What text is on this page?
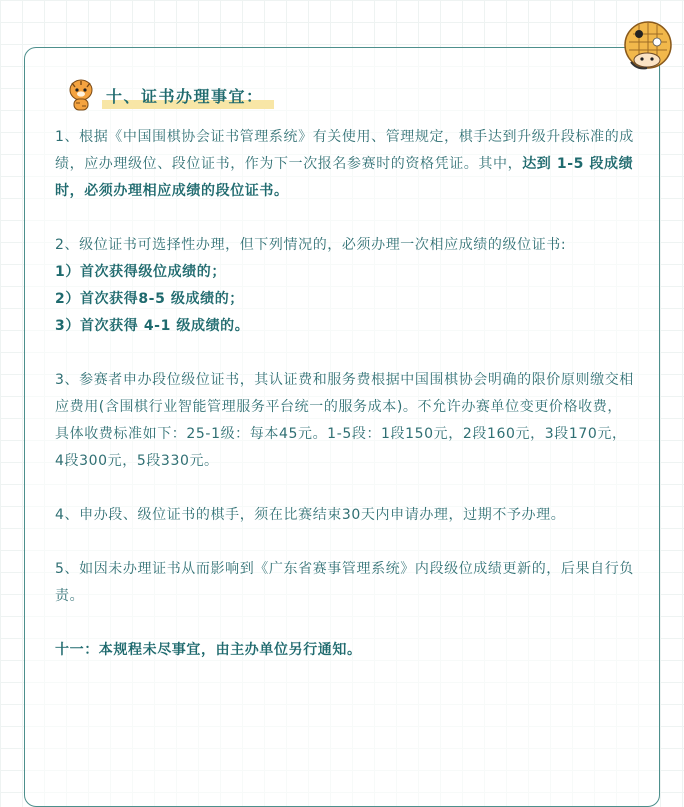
十、证书办理事宜：

1、根据《中国围棋协会证书管理系统》有关使用、管理规定，棋手达到升级升段标准的成绩，应办理级位、段位证书，作为下一次报名参赛时的资格凭证。其中，达到 1-5 段成绩时，必须办理相应成绩的段位证书。

2、级位证书可选择性办理，但下列情况的，必须办理一次相应成绩的级位证书:

1）首次获得级位成绩的；

2）首次获得8-5 级成绩的；

3）首次获得 4-1 级成绩的。

3、参赛者申办段位级位证书，其认证费和服务费根据中国围棋协会明确的限价原则缴交相应费用(含围棋行业智能管理服务平台统一的服务成本)。不允许办赛单位变更价格收费，具体收费标准如下：25-1级：每本45元。1-5段：1段150元，2段160元，3段170元，4段300元，5段330元。

4、申办段、级位证书的棋手，须在比赛结束30天内申请办理，过期不予办理。

5、如因未办理证书从而影响到《广东省赛事管理系统》内段级位成绩更新的，后果自行负责。

十一：本规程未尽事宜，由主办单位另行通知。
